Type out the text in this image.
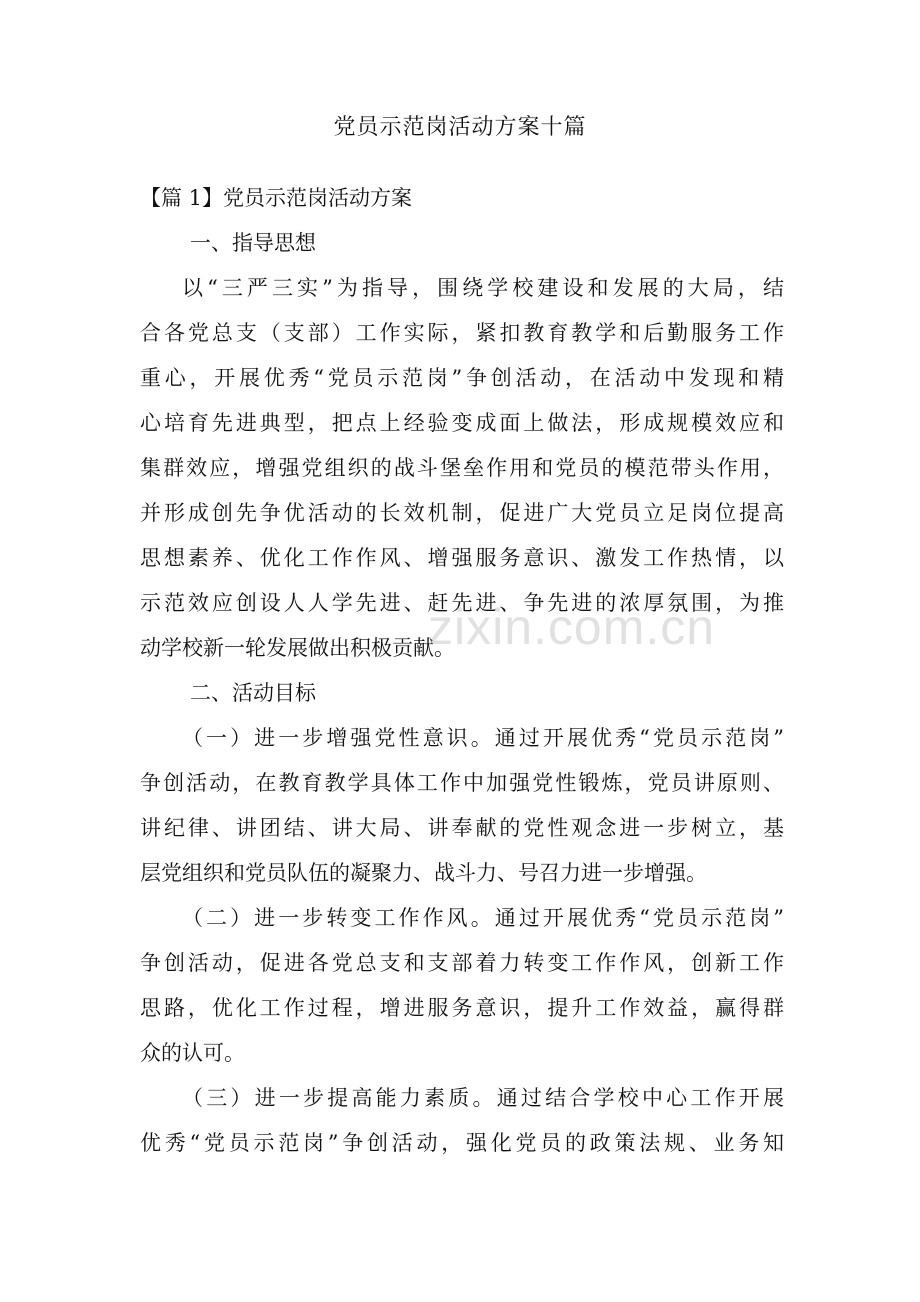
党员示范岗活动方案十篇
【篇 1】党员示范岗活动方案
一、指导思想
以“三严三实”为指导，围绕学校建设和发展的大局，结
合各党总支（支部）工作实际，紧扣教育教学和后勤服务工作
重心，开展优秀“党员示范岗”争创活动，在活动中发现和精
心培育先进典型，把点上经验变成面上做法，形成规模效应和
集群效应，增强党组织的战斗堡垒作用和党员的模范带头作用，
并形成创先争优活动的长效机制，促进广大党员立足岗位提高
思想素养、优化工作作风、增强服务意识、激发工作热情，以
示范效应创设人人学先进、赶先进、争先进的浓厚氛围，为推
动学校新一轮发展做出积极贡献。
二、活动目标
（一）进一步增强党性意识。通过开展优秀“党员示范岗”
争创活动，在教育教学具体工作中加强党性锻炼，党员讲原则、
讲纪律、讲团结、讲大局、讲奉献的党性观念进一步树立，基
层党组织和党员队伍的凝聚力、战斗力、号召力进一步增强。
（二）进一步转变工作作风。通过开展优秀“党员示范岗”
争创活动，促进各党总支和支部着力转变工作作风，创新工作
思路，优化工作过程，增进服务意识，提升工作效益，赢得群
众的认可。
（三）进一步提高能力素质。通过结合学校中心工作开展
优秀“党员示范岗”争创活动，强化党员的政策法规、业务知
zixin.com.cn
